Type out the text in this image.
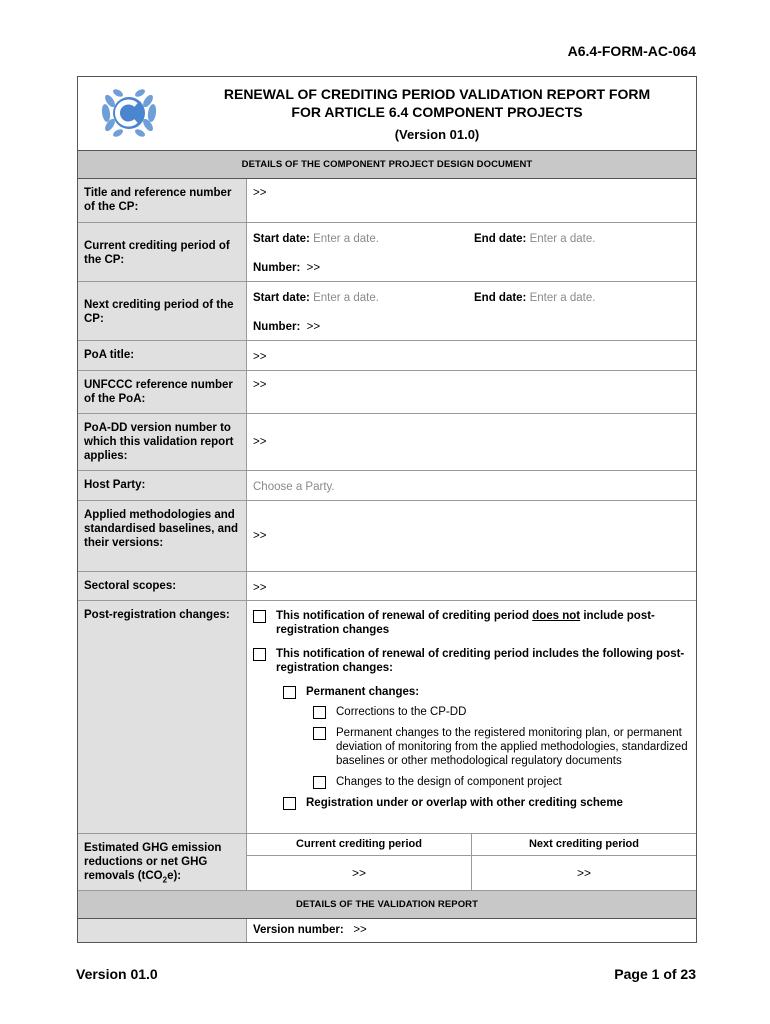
A6.4-FORM-AC-064
RENEWAL OF CREDITING PERIOD VALIDATION REPORT FORM
FOR ARTICLE 6.4 COMPONENT PROJECTS
(Version 01.0)
DETAILS OF THE COMPONENT PROJECT DESIGN DOCUMENT
Title and reference number of the CP:
>>
Current crediting period of the CP:
Start date: Enter a date.	End date: Enter a date.
Number: >>
Next crediting period of the CP:
Start date: Enter a date.	End date: Enter a date.
Number: >>
PoA title:	>>
UNFCCC reference number of the PoA:
>>
PoA-DD version number to which this validation report applies:
>>
Host Party:	Choose a Party.
Applied methodologies and standardised baselines, and their versions:
>>
Sectoral scopes:	>>
Post-registration changes:	This notification of renewal of crediting period does not include post-registration changes
This notification of renewal of crediting period includes the following post-registration changes:
Permanent changes:
Corrections to the CP-DD
Permanent changes to the registered monitoring plan, or permanent deviation of monitoring from the applied methodologies, standardized baselines or other methodological regulatory documents
Changes to the design of component project
Registration under or overlap with other crediting scheme
Estimated GHG emission reductions or net GHG removals (tCO$_2$e):
Current crediting period	Next crediting period
>>	>>
DETAILS OF THE VALIDATION REPORT
Version number: >>
Version 01.0	Page 1 of 23
